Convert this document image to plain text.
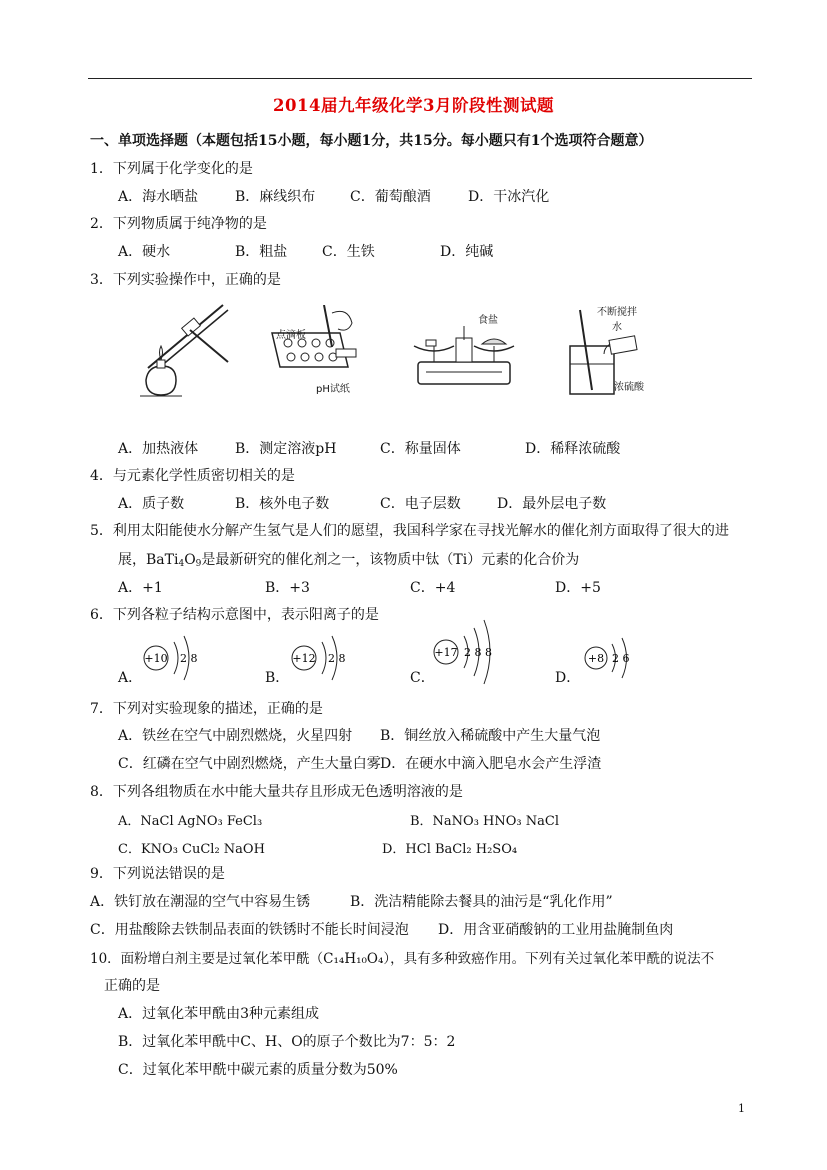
2014届九年级化学3月阶段性测试题
一、单项选择题（本题包括15小题，每小题1分，共15分。每小题只有1个选项符合题意）
1．下列属于化学变化的是
A．海水晒盐	B．麻线织布 C．葡萄酿酒	D．干冰汽化
2．下列物质属于纯净物的是
A．硬水	B．粗盐 C．生铁	D．纯碱
3．下列实验操作中，正确的是
点滴板
pH试纸
食盐
不断搅拌
水
浓硫酸
A．加热液体	B．测定溶液pH	C．称量固体	D．稀释浓硫酸
4．与元素化学性质密切相关的是
A．质子数	B．核外电子数	C．电子层数	D．最外层电子数
5．利用太阳能使水分解产生氢气是人们的愿望，我国科学家在寻找光解水的催化剂方面取得了很大的进
展，$BaTi_4O_9$是最新研究的催化剂之一，该物质中钛（Ti）元素的化合价为
A．+1	B．+3	C．+4	D．+5
6．下列各粒子结构示意图中，表示阳离子的是
A．	B．	C．	D．
+10 2 8	+12 2 8	+17 2 8 8	+8 2 6
7．下列对实验现象的描述，正确的是
A．铁丝在空气中剧烈燃烧，火星四射 B．铜丝放入稀硫酸中产生大量气泡
C．红磷在空气中剧烈燃烧，产生大量白雾 D．在硬水中滴入肥皂水会产生浮渣
8．下列各组物质在水中能大量共存且形成无色透明溶液的是
A．NaCl AgNO₃ FeCl₃	B．NaNO₃ HNO₃ NaCl
C．KNO₃ CuCl₂ NaOH	D．HCl BaCl₂ H₂SO₄
9．下列说法错误的是
A．铁钉放在潮湿的空气中容易生锈	B．洗洁精能除去餐具的油污是“乳化作用”
C．用盐酸除去铁制品表面的铁锈时不能长时间浸泡 D．用含亚硝酸钠的工业用盐腌制鱼肉
10．面粉增白剂主要是过氧化苯甲酰（C₁₄H₁₀O₄），具有多种致癌作用。下列有关过氧化苯甲酰的说法不
正确的是
A．过氧化苯甲酰由3种元素组成
B．过氧化苯甲酰中C、H、O的原子个数比为7：5：2
C．过氧化苯甲酰中碳元素的质量分数为50%
1
